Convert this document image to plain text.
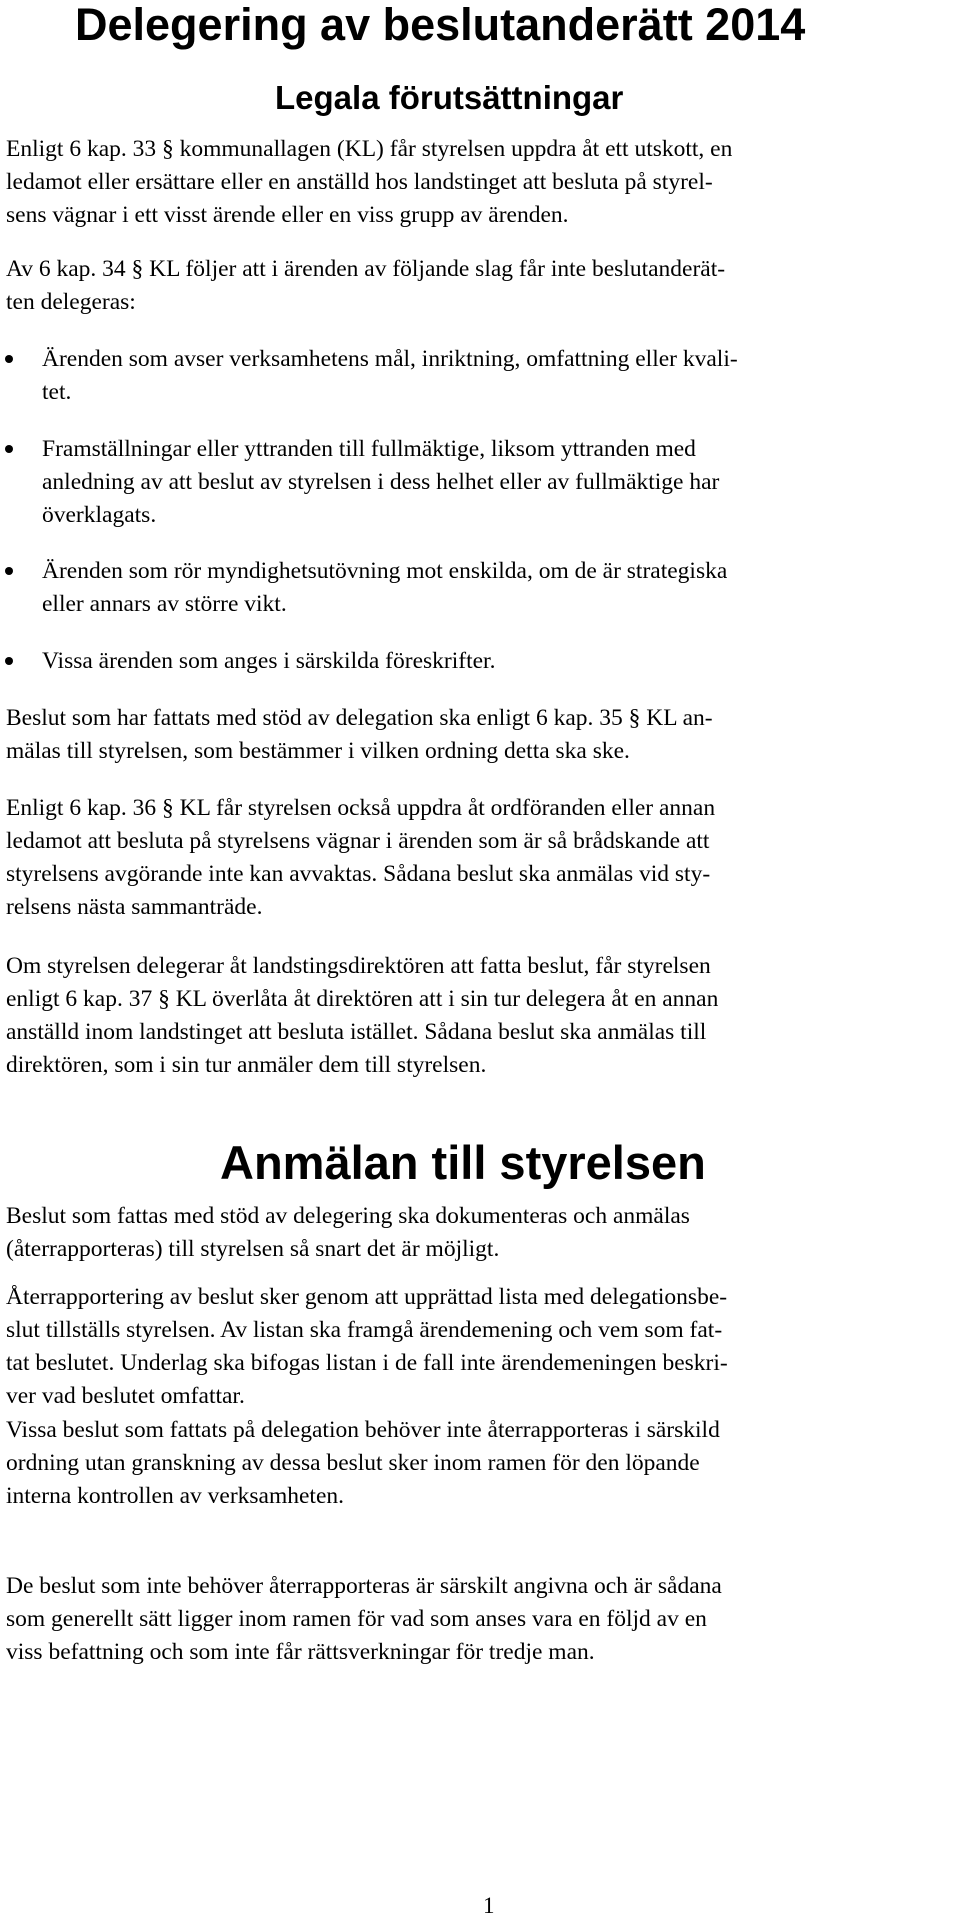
Delegering av beslutanderätt 2014
Legala förutsättningar
Enligt 6 kap. 33 § kommunallagen (KL) får styrelsen uppdra åt ett utskott, en
ledamot eller ersättare eller en anställd hos landstinget att besluta på styrel-
sens vägnar i ett visst ärende eller en viss grupp av ärenden.
Av 6 kap. 34 § KL följer att i ärenden av följande slag får inte beslutanderät-
ten delegeras:
Ärenden som avser verksamhetens mål, inriktning, omfattning eller kvali-
tet.
Framställningar eller yttranden till fullmäktige, liksom yttranden med
anledning av att beslut av styrelsen i dess helhet eller av fullmäktige har
överklagats.
Ärenden som rör myndighetsutövning mot enskilda, om de är strategiska
eller annars av större vikt.
Vissa ärenden som anges i särskilda föreskrifter.
Beslut som har fattats med stöd av delegation ska enligt 6 kap. 35 § KL an-
mälas till styrelsen, som bestämmer i vilken ordning detta ska ske.
Enligt 6 kap. 36 § KL får styrelsen också uppdra åt ordföranden eller annan
ledamot att besluta på styrelsens vägnar i ärenden som är så brådskande att
styrelsens avgörande inte kan avvaktas. Sådana beslut ska anmälas vid sty-
relsens nästa sammanträde.
Om styrelsen delegerar åt landstingsdirektören att fatta beslut, får styrelsen
enligt 6 kap. 37 § KL överlåta åt direktören att i sin tur delegera åt en annan
anställd inom landstinget att besluta istället. Sådana beslut ska anmälas till
direktören, som i sin tur anmäler dem till styrelsen.
Anmälan till styrelsen
Beslut som fattas med stöd av delegering ska dokumenteras och anmälas
(återrapporteras) till styrelsen så snart det är möjligt.
Återrapportering av beslut sker genom att upprättad lista med delegationsbe-
slut tillställs styrelsen. Av listan ska framgå ärendemening och vem som fat-
tat beslutet. Underlag ska bifogas listan i de fall inte ärendemeningen beskri-
ver vad beslutet omfattar.
Vissa beslut som fattats på delegation behöver inte återrapporteras i särskild
ordning utan granskning av dessa beslut sker inom ramen för den löpande
interna kontrollen av verksamheten.
De beslut som inte behöver återrapporteras är särskilt angivna och är sådana
som generellt sätt ligger inom ramen för vad som anses vara en följd av en
viss befattning och som inte får rättsverkningar för tredje man.
1
